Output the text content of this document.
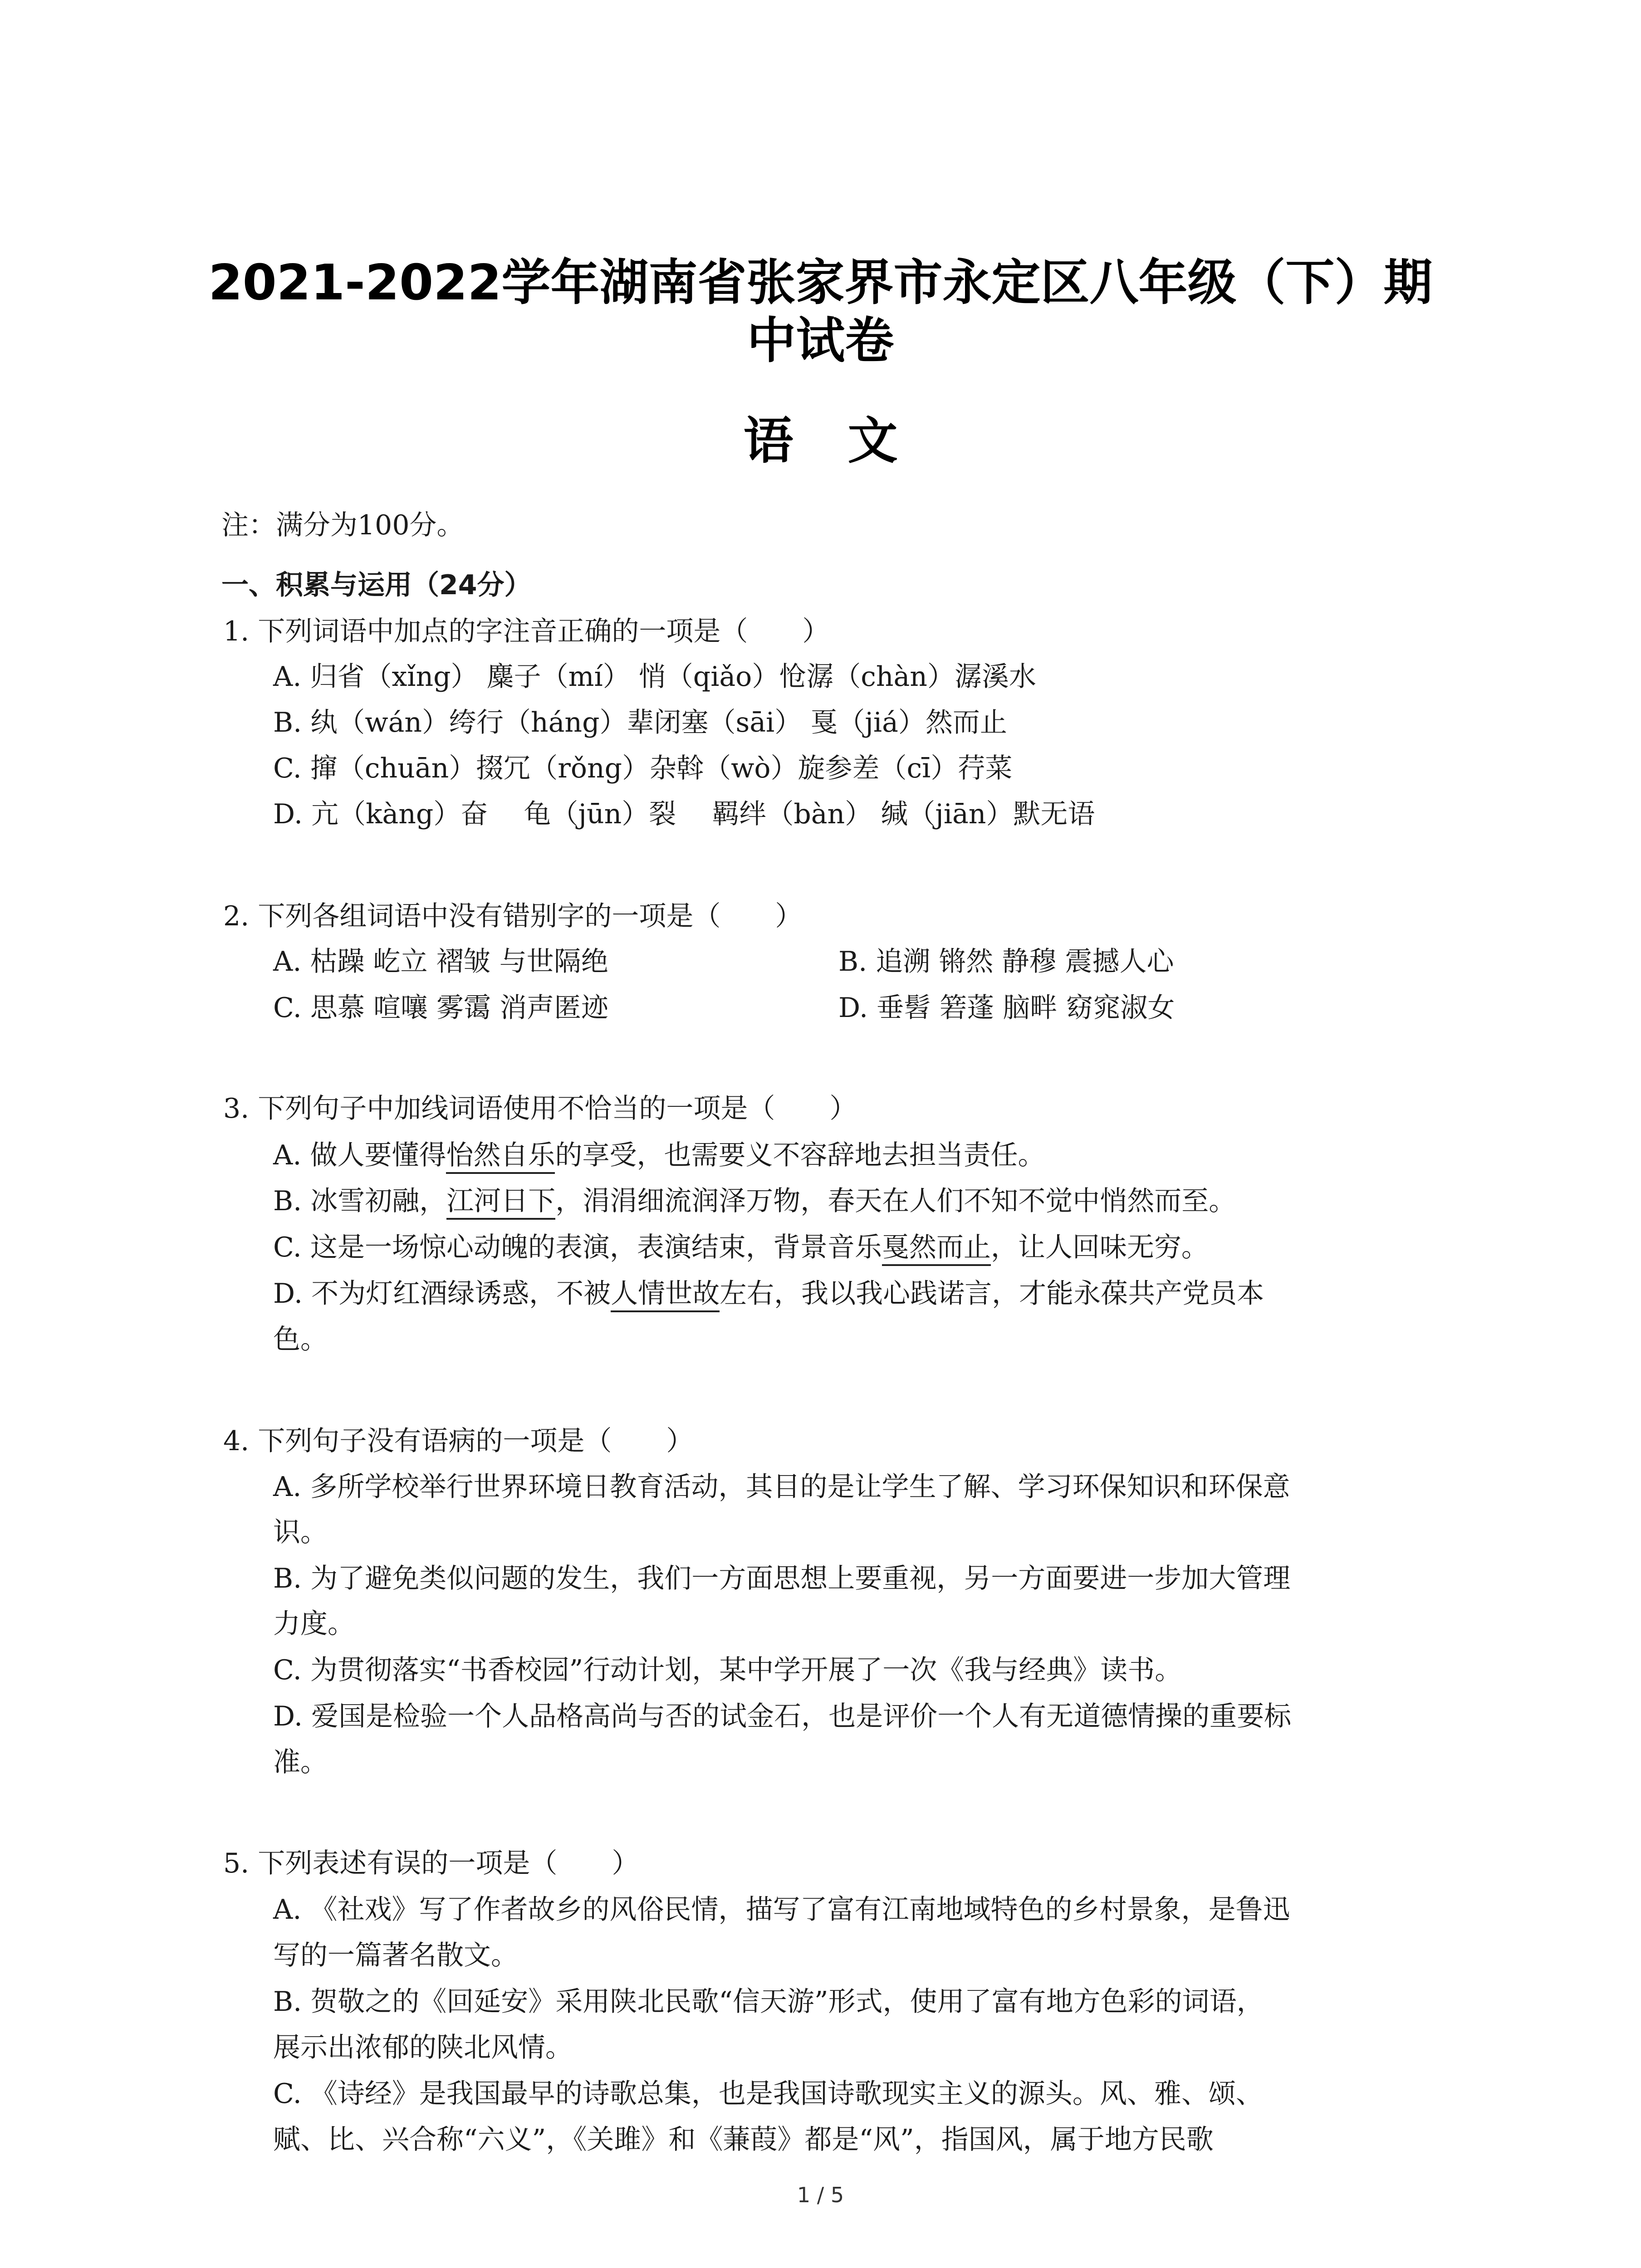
2021-2022学年湖南省张家界市永定区八年级（下）期
中试卷
语文
注：满分为100分。
一、积累与运用（24分）
1. 下列词语中加点的字注音正确的一项是（　　）
A. 归省（xǐng） 麋子（mí） 悄（qiǎo）怆潺（chàn）潺溪水
B. 纨（wán）绔行（háng）辈闭塞（sāi） 戛（jiá）然而止
C. 撺（chuān）掇冗（rǒng）杂斡（wò）旋参差（cī）荇菜
D. 亢（kàng）奋　 龟（jūn）裂　 羁绊（bàn） 缄（jiān）默无语
2. 下列各组词语中没有错别字的一项是（　　）
A. 枯躁 屹立 褶皱 与世隔绝	B. 追溯 锵然 静穆 震撼人心
C. 思慕 喧嚷 雾霭 消声匿迹	D. 垂髫 箬蓬 脑畔 窈窕淑女
3. 下列句子中加线词语使用不恰当的一项是（　　）
A. 做人要懂得怡然自乐的享受，也需要义不容辞地去担当责任。
B. 冰雪初融，江河日下，涓涓细流润泽万物，春天在人们不知不觉中悄然而至。
C. 这是一场惊心动魄的表演，表演结束，背景音乐戛然而止，让人回味无穷。
D. 不为灯红酒绿诱惑，不被人情世故左右，我以我心践诺言，才能永葆共产党员本
色。
4. 下列句子没有语病的一项是（　　）
A. 多所学校举行世界环境日教育活动，其目的是让学生了解、学习环保知识和环保意
识。
B. 为了避免类似问题的发生，我们一方面思想上要重视，另一方面要进一步加大管理
力度。
C. 为贯彻落实“书香校园”行动计划，某中学开展了一次《我与经典》读书。
D. 爱国是检验一个人品格高尚与否的试金石，也是评价一个人有无道德情操的重要标
准。
5. 下列表述有误的一项是（　　）
A. 《社戏》写了作者故乡的风俗民情，描写了富有江南地域特色的乡村景象，是鲁迅
写的一篇著名散文。
B. 贺敬之的《回延安》采用陕北民歌“信天游”形式，使用了富有地方色彩的词语，
展示出浓郁的陕北风情。
C. 《诗经》是我国最早的诗歌总集，也是我国诗歌现实主义的源头。风、雅、颂、
赋、比、兴合称“六义”，《关雎》和《蒹葭》都是“风”，指国风，属于地方民歌
1 / 5
